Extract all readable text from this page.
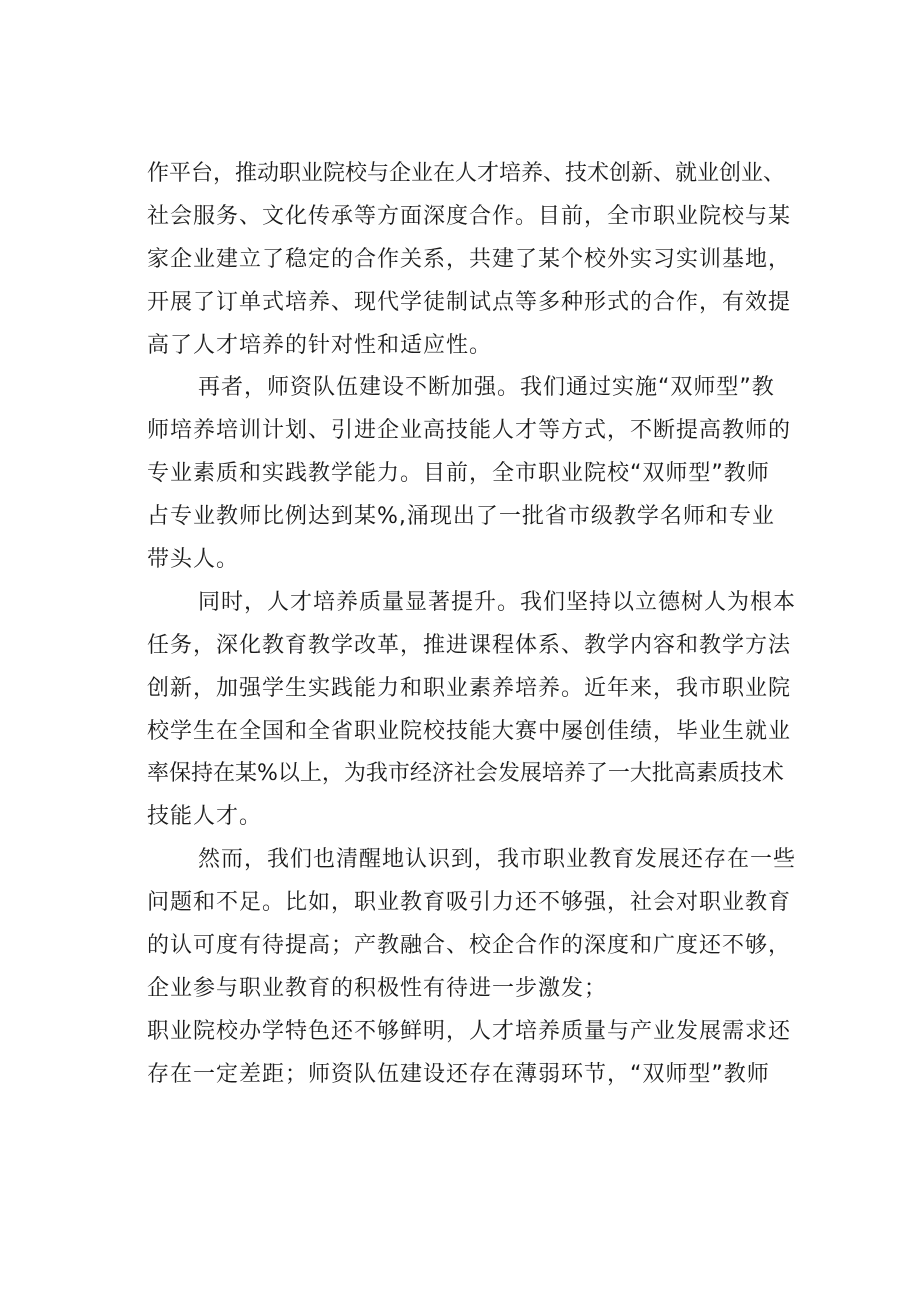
作平台，推动职业院校与企业在人才培养、技术创新、就业创业、
社会服务、文化传承等方面深度合作。目前，全市职业院校与某
家企业建立了稳定的合作关系，共建了某个校外实习实训基地，
开展了订单式培养、现代学徒制试点等多种形式的合作，有效提
高了人才培养的针对性和适应性。
再者，师资队伍建设不断加强。我们通过实施“双师型”教
师培养培训计划、引进企业高技能人才等方式，不断提高教师的
专业素质和实践教学能力。目前，全市职业院校“双师型”教师
占专业教师比例达到某%,涌现出了一批省市级教学名师和专业
带头人。
同时，人才培养质量显著提升。我们坚持以立德树人为根本
任务，深化教育教学改革，推进课程体系、教学内容和教学方法
创新，加强学生实践能力和职业素养培养。近年来，我市职业院
校学生在全国和全省职业院校技能大赛中屡创佳绩，毕业生就业
率保持在某%以上，为我市经济社会发展培养了一大批高素质技术
技能人才。
然而，我们也清醒地认识到，我市职业教育发展还存在一些
问题和不足。比如，职业教育吸引力还不够强，社会对职业教育
的认可度有待提高；产教融合、校企合作的深度和广度还不够，
企业参与职业教育的积极性有待进一步激发；
职业院校办学特色还不够鲜明，人才培养质量与产业发展需求还
存在一定差距；师资队伍建设还存在薄弱环节，“双师型”教师
